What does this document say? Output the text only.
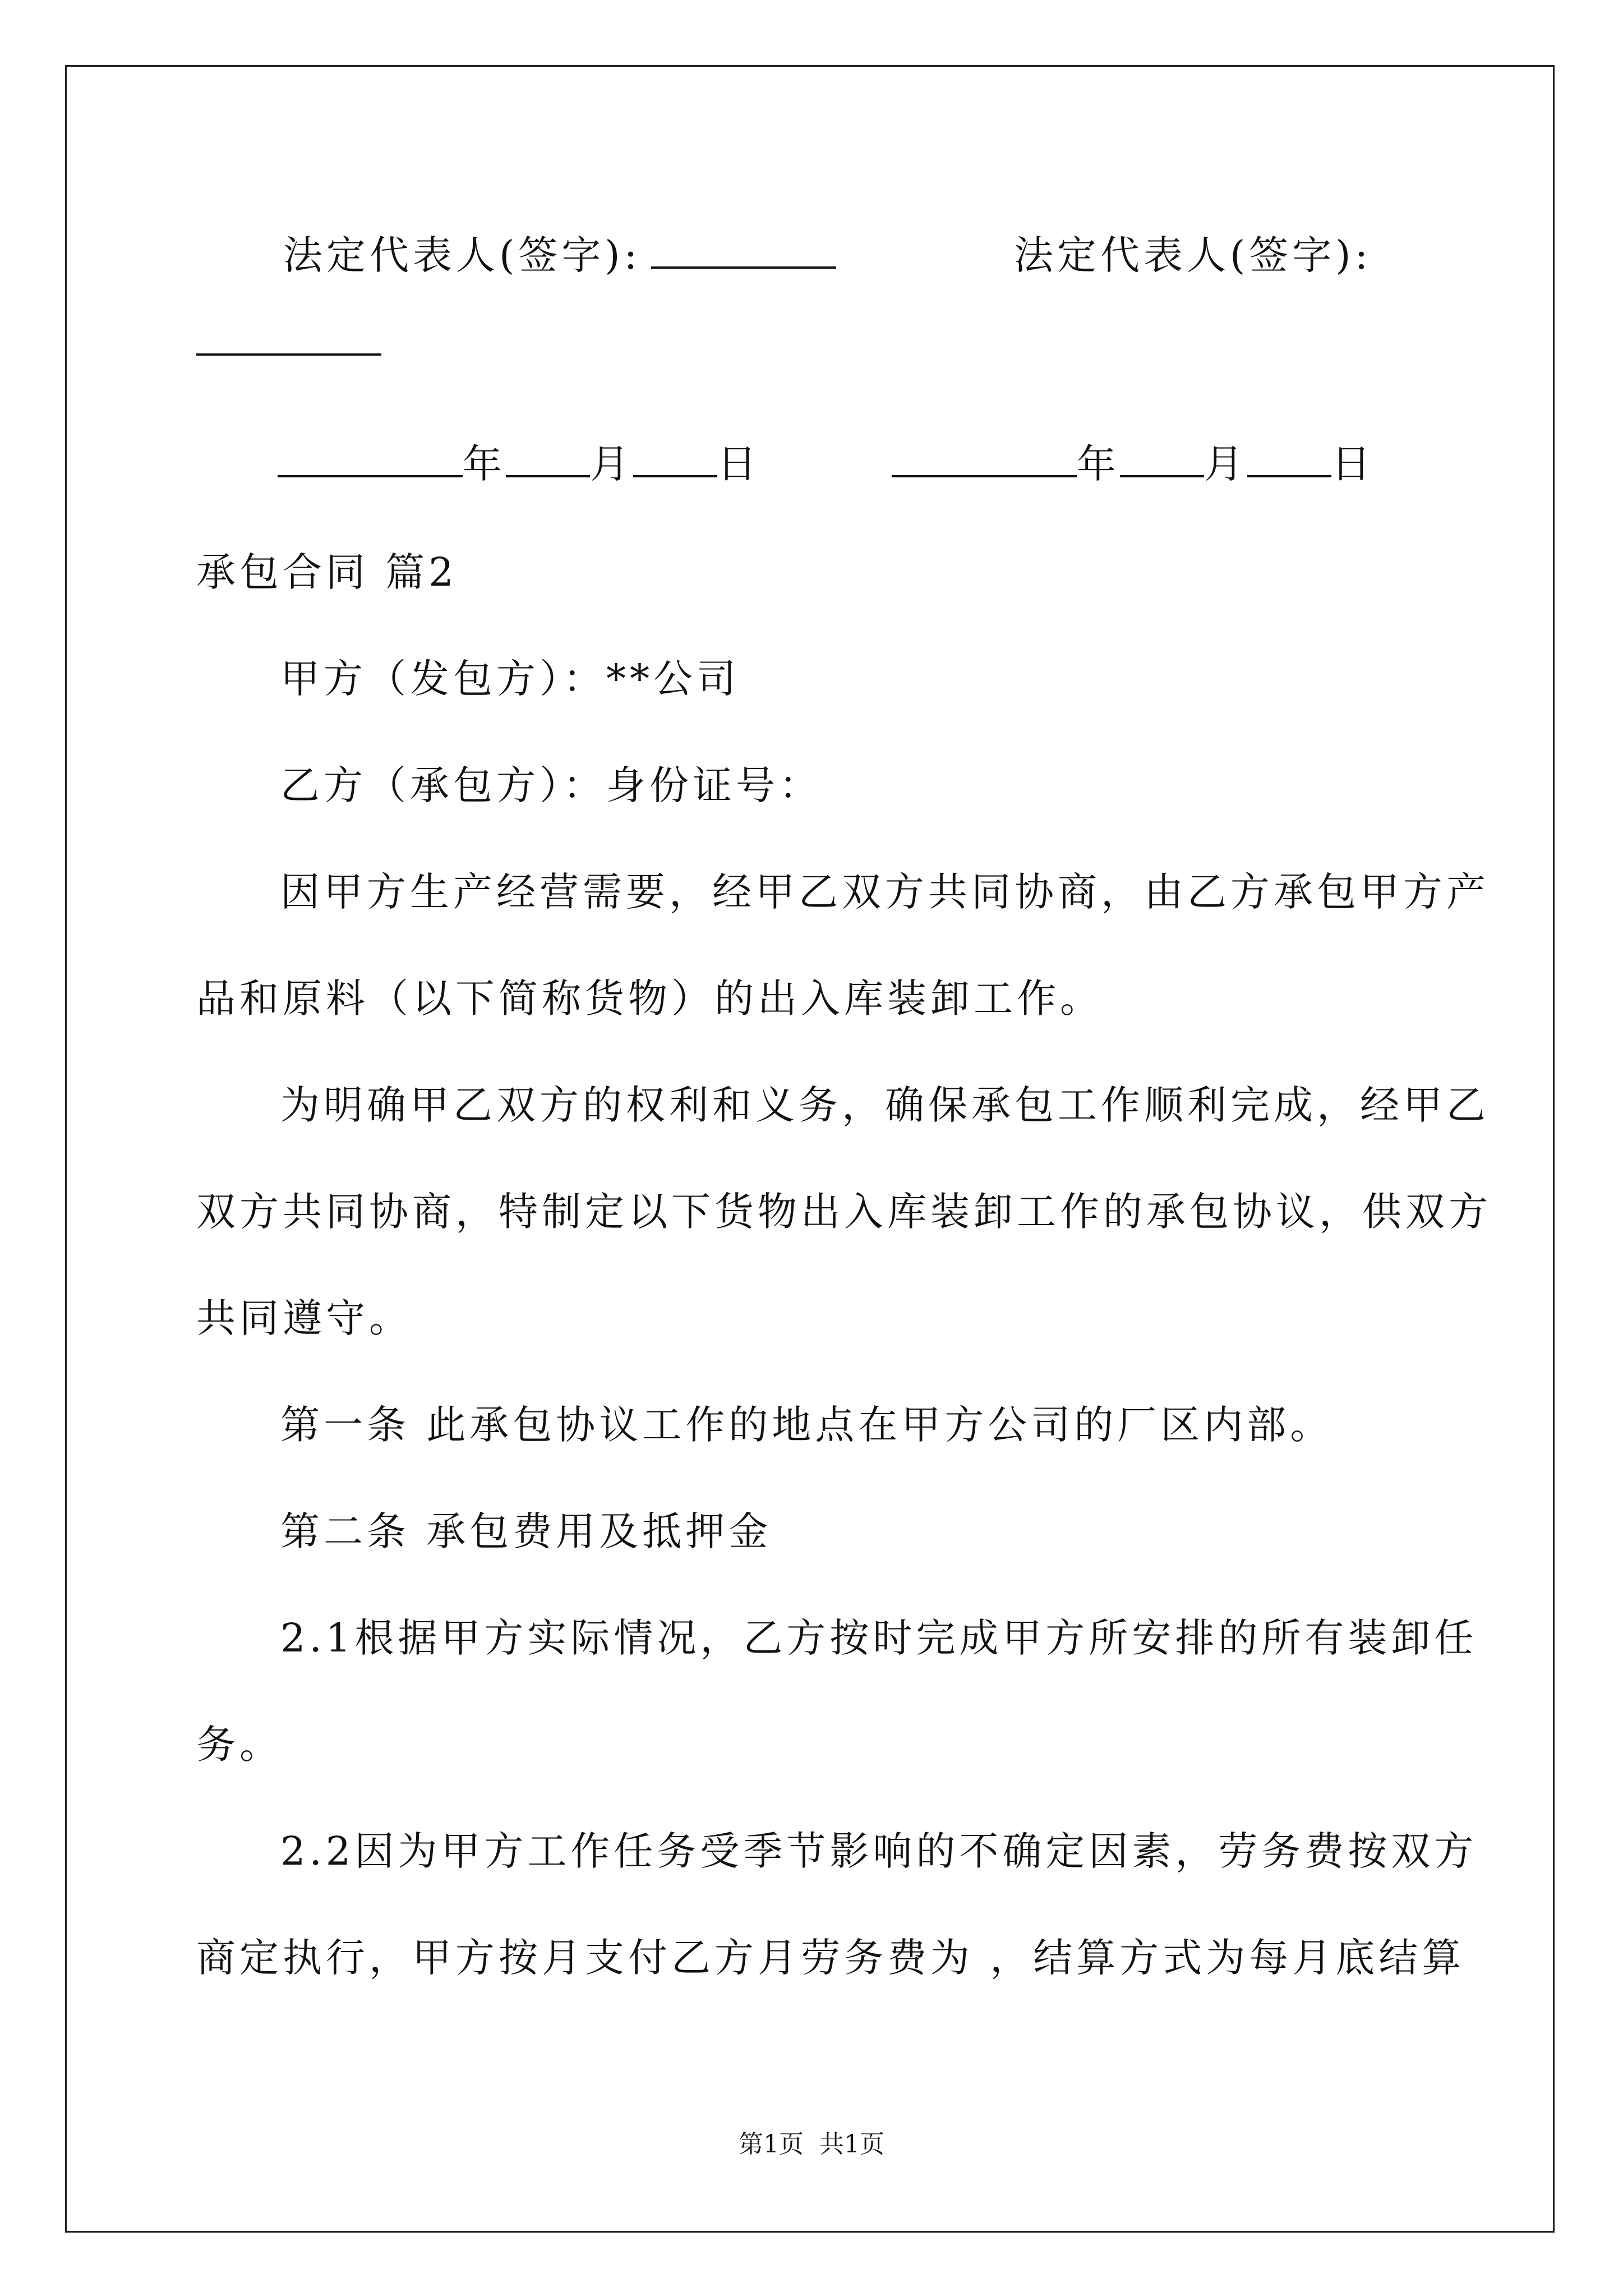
法定代表人(签字):	法定代表人(签字):
年 月 日	年 月 日
承包合同 篇2
甲方（发包方）：**公司
乙方（承包方）：身份证号：
因甲方生产经营需要，经甲乙双方共同协商，由乙方承包甲方产
品和原料（以下简称货物）的出入库装卸工作。
为明确甲乙双方的权利和义务，确保承包工作顺利完成，经甲乙
双方共同协商，特制定以下货物出入库装卸工作的承包协议，供双方
共同遵守。
第一条 此承包协议工作的地点在甲方公司的厂区内部。
第二条 承包费用及抵押金
2.1根据甲方实际情况，乙方按时完成甲方所安排的所有装卸任
务。
2.2因为甲方工作任务受季节影响的不确定因素，劳务费按双方
商定执行，甲方按月支付乙方月劳务费为 ，结算方式为每月底结算
第1页  共1页
